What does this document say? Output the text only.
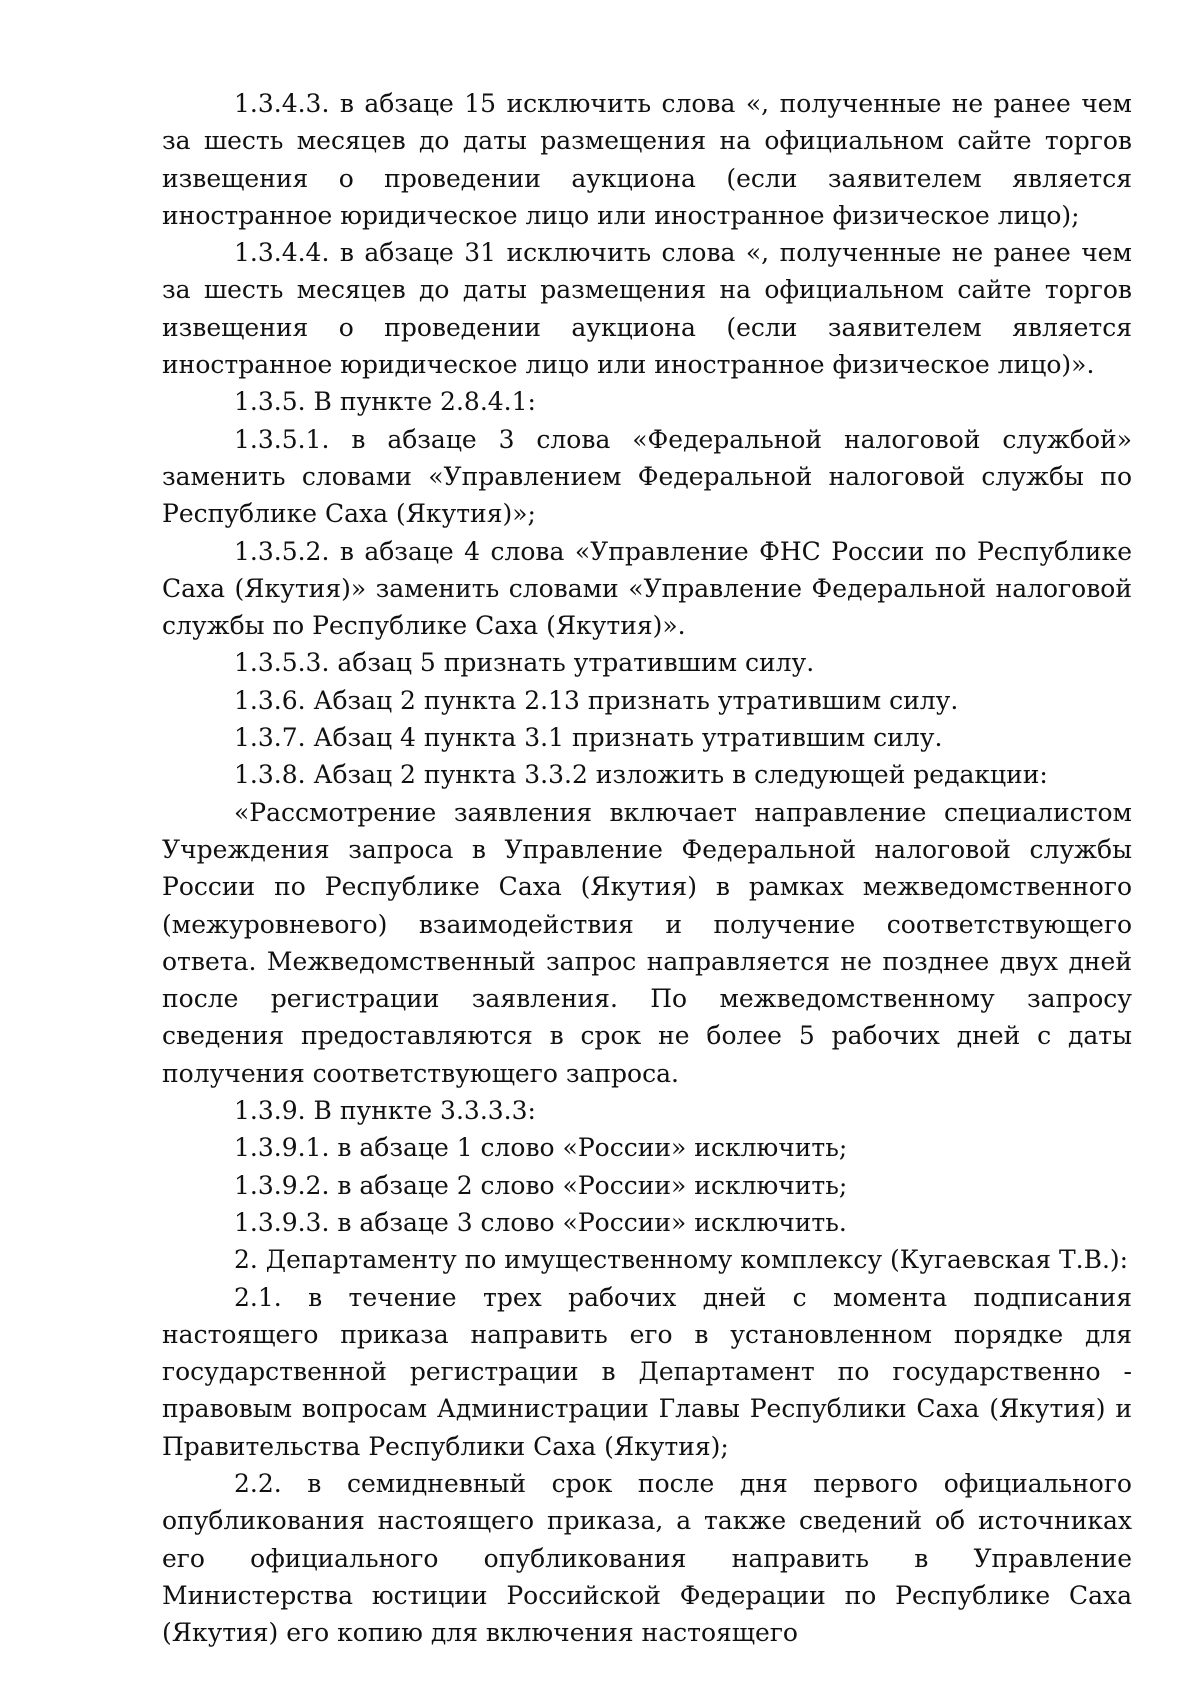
1.3.4.3. в абзаце 15 исключить слова «, полученные не ранее чем за шесть месяцев до даты размещения на официальном сайте торгов извещения о проведении аукциона (если заявителем является иностранное юридическое лицо или иностранное физическое лицо);

1.3.4.4. в абзаце 31 исключить слова «, полученные не ранее чем за шесть месяцев до даты размещения на официальном сайте торгов извещения о проведении аукциона (если заявителем является иностранное юридическое лицо или иностранное физическое лицо)».

1.3.5. В пункте 2.8.4.1:

1.3.5.1. в абзаце 3 слова «Федеральной налоговой службой» заменить словами «Управлением Федеральной налоговой службы по Республике Саха (Якутия)»;

1.3.5.2. в абзаце 4 слова «Управление ФНС России по Республике Саха (Якутия)» заменить словами «Управление Федеральной налоговой службы по Республике Саха (Якутия)».

1.3.5.3. абзац 5 признать утратившим силу.

1.3.6. Абзац 2 пункта 2.13 признать утратившим силу.

1.3.7. Абзац 4 пункта 3.1 признать утратившим силу.

1.3.8. Абзац 2 пункта 3.3.2 изложить в следующей редакции:

«Рассмотрение заявления включает направление специалистом Учреждения запроса в Управление Федеральной налоговой службы России по Республике Саха (Якутия) в рамках межведомственного (межуровневого) взаимодействия и получение соответствующего ответа. Межведомственный запрос направляется не позднее двух дней после регистрации заявления. По межведомственному запросу сведения предоставляются в срок не более 5 рабочих дней с даты получения соответствующего запроса.

1.3.9. В пункте 3.3.3.3:

1.3.9.1. в абзаце 1 слово «России» исключить;

1.3.9.2. в абзаце 2 слово «России» исключить;

1.3.9.3. в абзаце 3 слово «России» исключить.

2. Департаменту по имущественному комплексу (Кугаевская Т.В.):

2.1. в течение трех рабочих дней с момента подписания настоящего приказа направить его в установленном порядке для государственной регистрации в Департамент по государственно - правовым вопросам Администрации Главы Республики Саха (Якутия) и Правительства Республики Саха (Якутия);

2.2. в семидневный срок после дня первого официального опубликования настоящего приказа, а также сведений об источниках его официального опубликования направить в Управление Министерства юстиции Российской Федерации по Республике Саха (Якутия) его копию для включения настоящего
